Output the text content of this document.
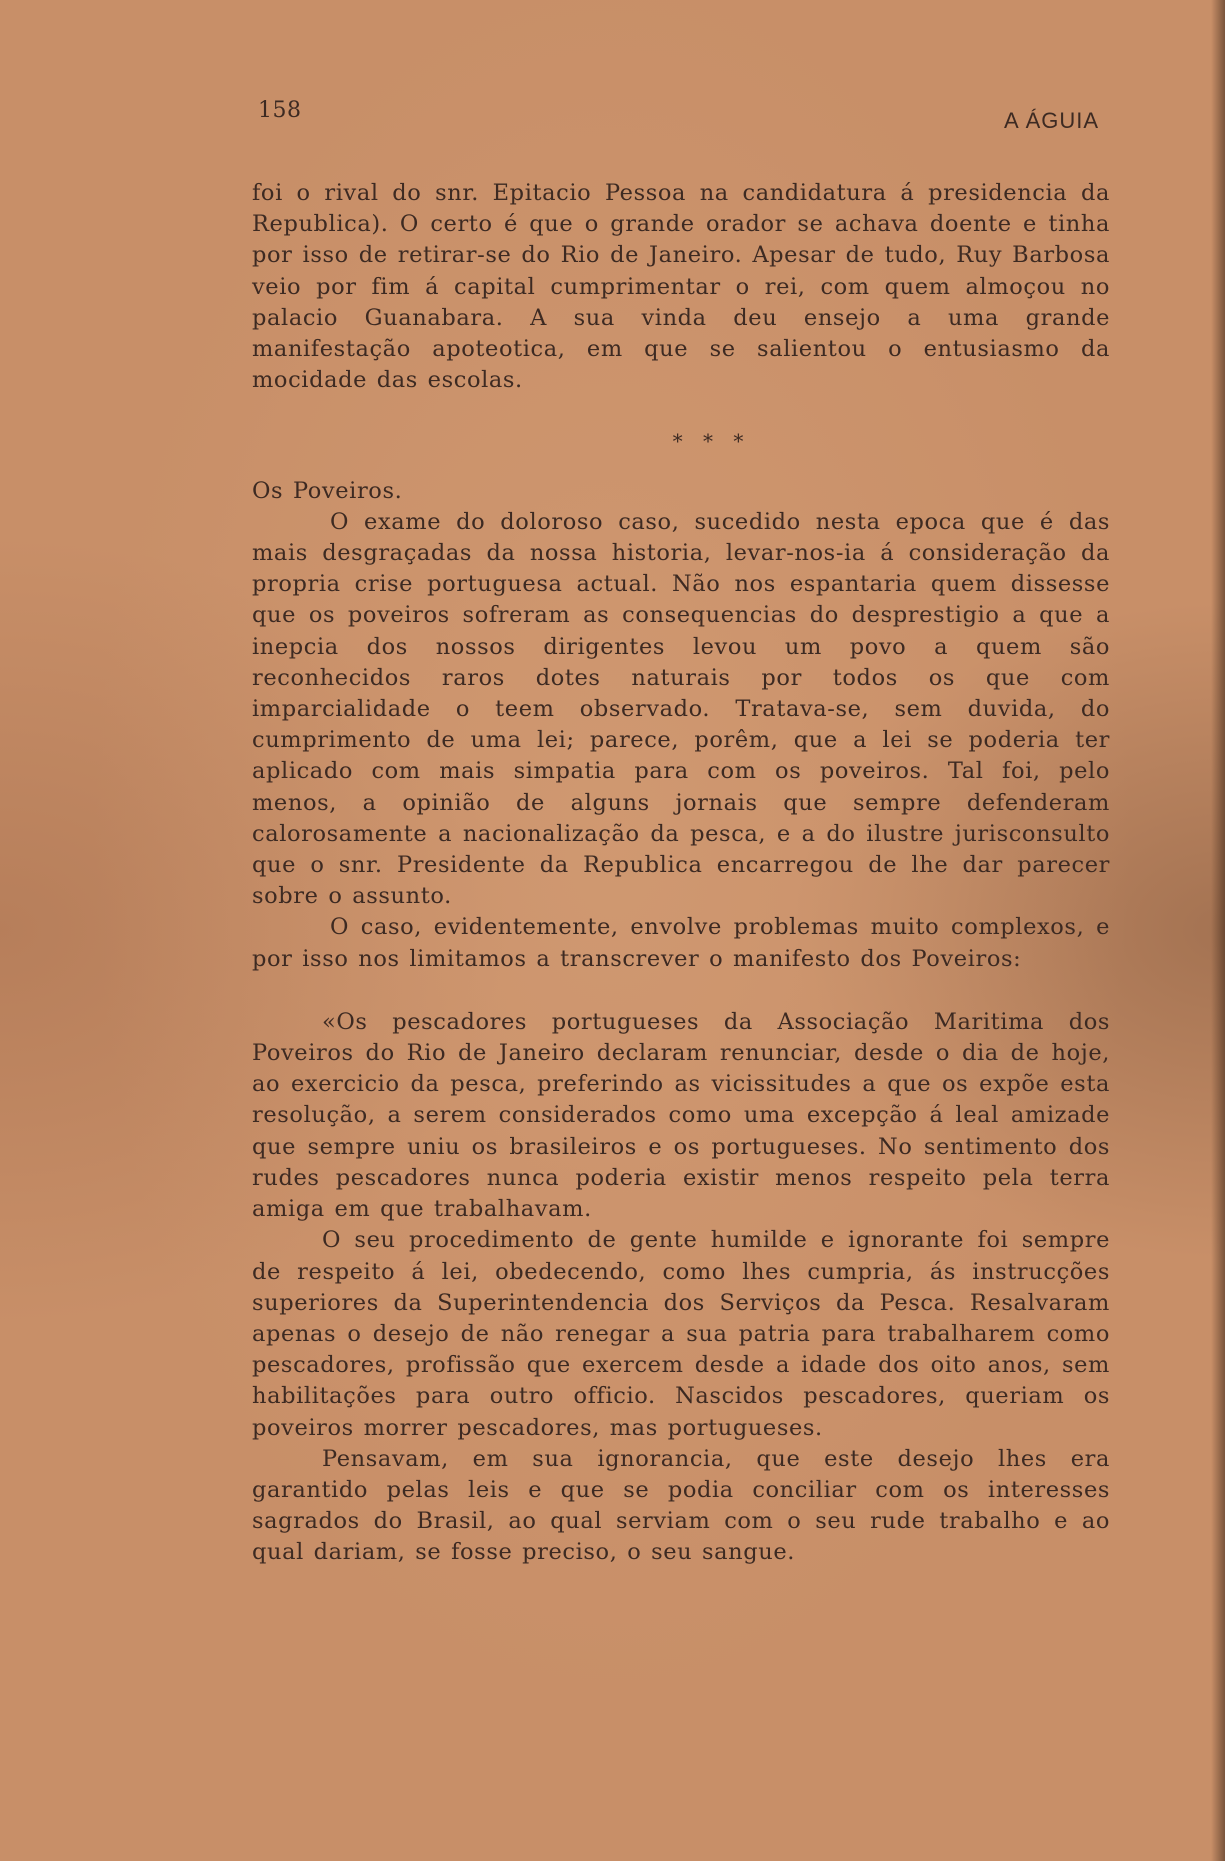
158	A ÁGUIA

foi o rival do snr. Epitacio Pessoa na candidatura á presidencia da Republica). O certo é que o grande orador se achava doente e tinha por isso de retirar-se do Rio de Janeiro. Apesar de tudo, Ruy Barbosa veio por fim á capital cumprimentar o rei, com quem almoçou no palacio Guanabara. A sua vinda deu ensejo a uma grande manifestação apoteotica, em que se salientou o entusiasmo da mocidade das escolas.

* * *

Os Poveiros.

O exame do doloroso caso, sucedido nesta epoca que é das mais desgraçadas da nossa historia, levar-nos-ia á consideração da propria crise portuguesa actual. Não nos espantaria quem dissesse que os poveiros sofreram as consequencias do desprestigio a que a inepcia dos nossos dirigentes levou um povo a quem são reconhecidos raros dotes naturais por todos os que com imparcialidade o teem observado. Tratava-se, sem duvida, do cumprimento de uma lei; parece, porêm, que a lei se poderia ter aplicado com mais simpatia para com os poveiros. Tal foi, pelo menos, a opinião de alguns jornais que sempre defenderam calorosamente a nacionalização da pesca, e a do ilustre jurisconsulto que o snr. Presidente da Republica encarregou de lhe dar parecer sobre o assunto.

O caso, evidentemente, envolve problemas muito complexos, e por isso nos limitamos a transcrever o manifesto dos Poveiros:

«Os pescadores portugueses da Associação Maritima dos Poveiros do Rio de Janeiro declaram renunciar, desde o dia de hoje, ao exercicio da pesca, preferindo as vicissitudes a que os expõe esta resolução, a serem considerados como uma excepção á leal amizade que sempre uniu os brasileiros e os portugueses. No sentimento dos rudes pescadores nunca poderia existir menos respeito pela terra amiga em que trabalhavam.

O seu procedimento de gente humilde e ignorante foi sempre de respeito á lei, obedecendo, como lhes cumpria, ás instrucções superiores da Superintendencia dos Serviços da Pesca. Resalvaram apenas o desejo de não renegar a sua patria para trabalharem como pescadores, profissão que exercem desde a idade dos oito anos, sem habilitações para outro officio. Nascidos pescadores, queriam os poveiros morrer pescadores, mas portugueses.

Pensavam, em sua ignorancia, que este desejo lhes era garantido pelas leis e que se podia conciliar com os interesses sagrados do Brasil, ao qual serviam com o seu rude trabalho e ao qual dariam, se fosse preciso, o seu sangue.
